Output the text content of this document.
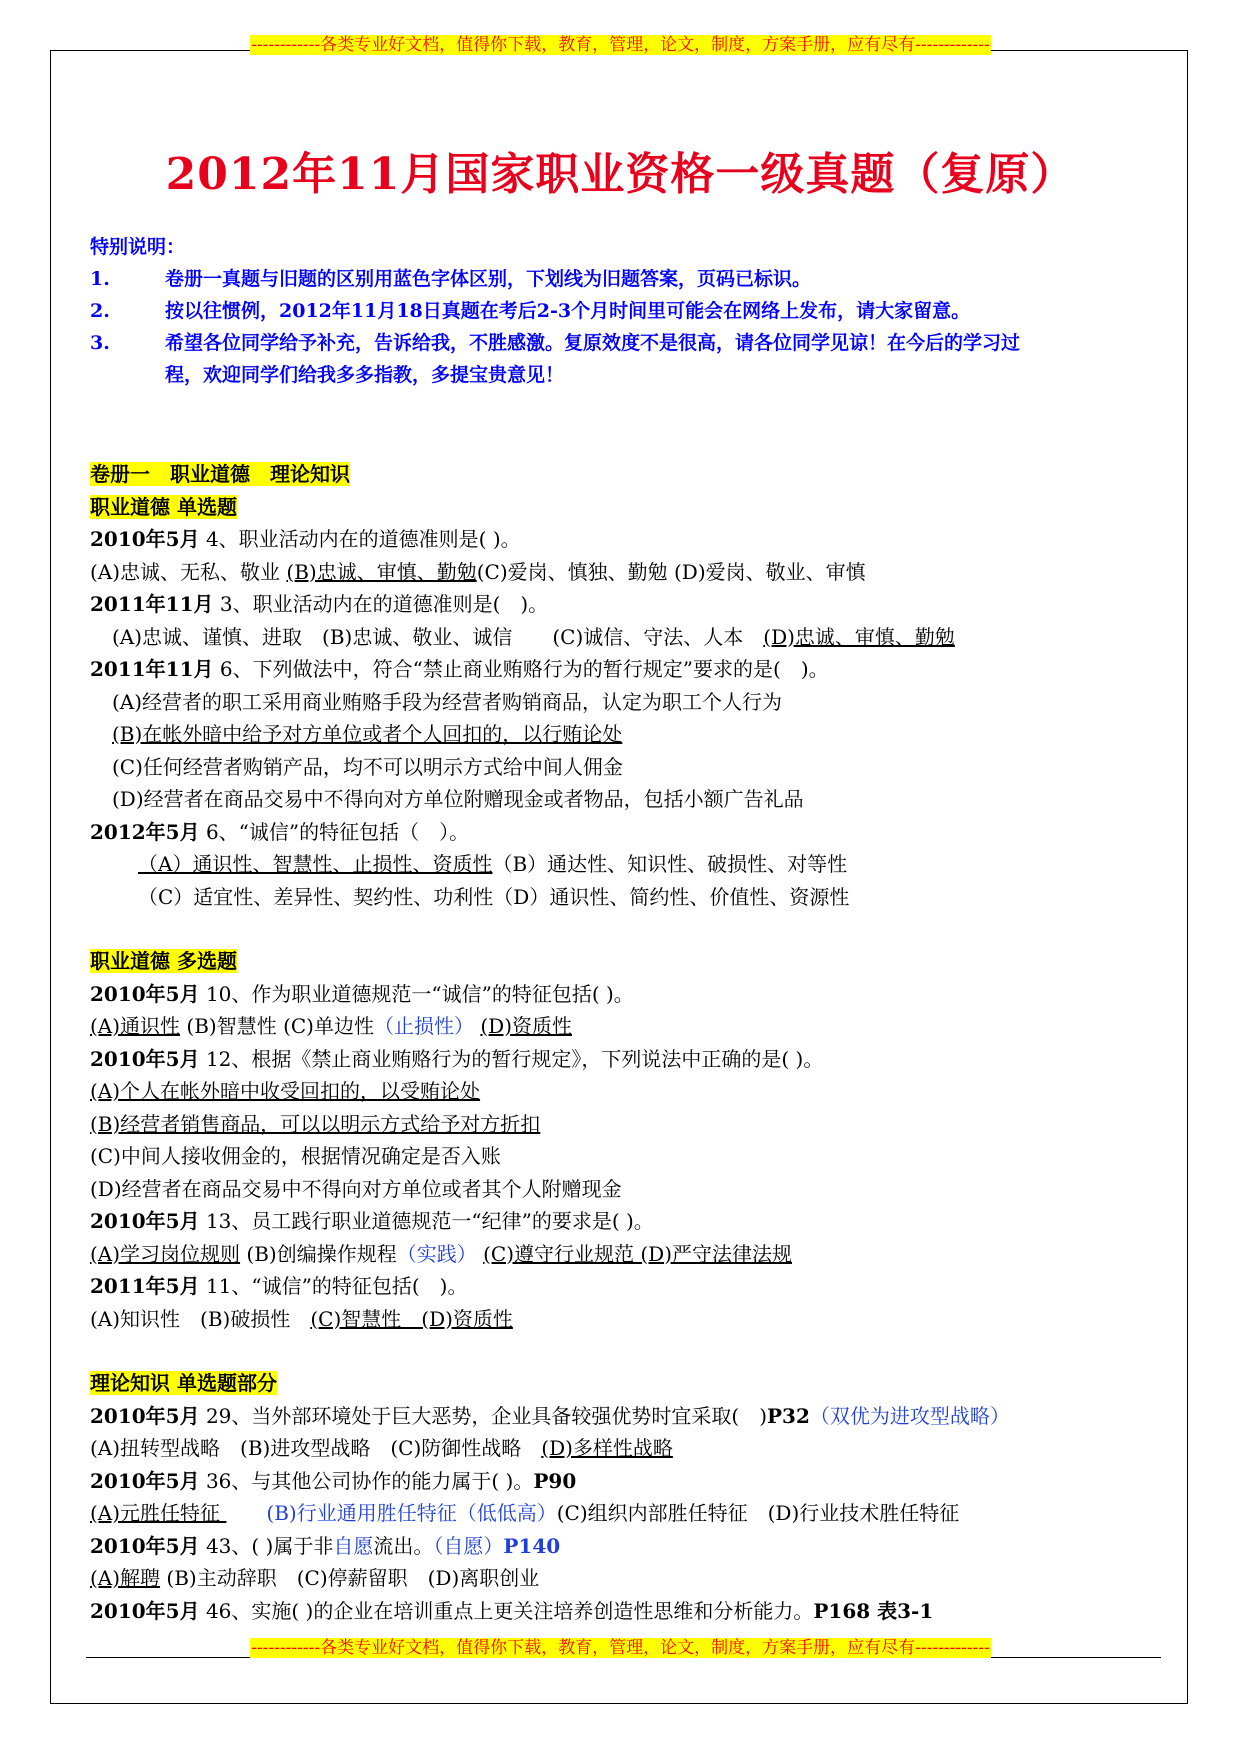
------------各类专业好文档，值得你下载，教育，管理，论文，制度，方案手册，应有尽有-------------
2012年11月国家职业资格一级真题（复原）
特别说明：
1.	卷册一真题与旧题的区别用蓝色字体区别，下划线为旧题答案，页码已标识。
2.	按以往惯例，2012年11月18日真题在考后2-3个月时间里可能会在网络上发布，请大家留意。
3.	希望各位同学给予补充，告诉给我，不胜感激。复原效度不是很高，请各位同学见谅！在今后的学习过
程，欢迎同学们给我多多指教，多提宝贵意见！
卷册一　职业道德　理论知识
职业道德 单选题
2010年5月 4、职业活动内在的道德准则是( )。
(A)忠诚、无私、敬业 (B)忠诚、审慎、勤勉(C)爱岗、慎独、勤勉 (D)爱岗、敬业、审慎
2011年11月 3、职业活动内在的道德准则是(　)。
(A)忠诚、谨慎、进取　(B)忠诚、敬业、诚信　　(C)诚信、守法、人本　(D)忠诚、审慎、勤勉
2011年11月 6、下列做法中，符合“禁止商业贿赂行为的暂行规定”要求的是(　)。
(A)经营者的职工采用商业贿赂手段为经营者购销商品，认定为职工个人行为
(B)在帐外暗中给予对方单位或者个人回扣的，以行贿论处
(C)任何经营者购销产品，均不可以明示方式给中间人佣金
(D)经营者在商品交易中不得向对方单位附赠现金或者物品，包括小额广告礼品
2012年5月 6、“诚信”的特征包括（　）。
（A）通识性、智慧性、止损性、资质性（B）通达性、知识性、破损性、对等性
（C）适宜性、差异性、契约性、功利性（D）通识性、简约性、价值性、资源性
职业道德 多选题
2010年5月 10、作为职业道德规范一“诚信”的特征包括( )。
(A)通识性 (B)智慧性 (C)单边性（止损性） (D)资质性
2010年5月 12、根据《禁止商业贿赂行为的暂行规定》，下列说法中正确的是( )。
(A)个人在帐外暗中收受回扣的，以受贿论处
(B)经营者销售商品，可以以明示方式给予对方折扣
(C)中间人接收佣金的，根据情况确定是否入账
(D)经营者在商品交易中不得向对方单位或者其个人附赠现金
2010年5月 13、员工践行职业道德规范一“纪律”的要求是( )。
(A)学习岗位规则 (B)创编操作规程（实践） (C)遵守行业规范 (D)严守法律法规
2011年5月 11、“诚信”的特征包括(　)。
(A)知识性　(B)破损性　(C)智慧性　(D)资质性
理论知识 单选题部分
2010年5月 29、当外部环境处于巨大恶势，企业具备较强优势时宜采取(　)P32（双优为进攻型战略）
(A)扭转型战略　(B)进攻型战略　(C)防御性战略　(D)多样性战略
2010年5月 36、与其他公司协作的能力属于( )。P90
(A)元胜任特征 　　(B)行业通用胜任特征（低低高）(C)组织内部胜任特征　(D)行业技术胜任特征
2010年5月 43、( )属于非自愿流出。（自愿）P140
(A)解聘 (B)主动辞职　(C)停薪留职　(D)离职创业
2010年5月 46、实施( )的企业在培训重点上更关注培养创造性思维和分析能力。P168 表3-1
------------各类专业好文档，值得你下载，教育，管理，论文，制度，方案手册，应有尽有-------------
